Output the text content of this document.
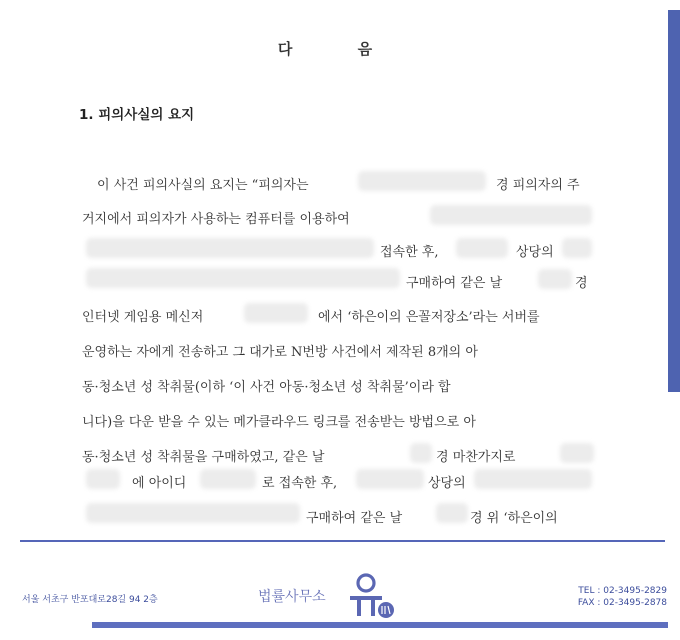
다 음
1. 피의사실의 요지
이 사건 피의사실의 요지는 “피의자는	경 피의자의 주
거지에서 피의자가 사용하는 컴퓨터를 이용하여
접속한 후,	상당의
구매하여 같은 날	경
인터넷 게임용 메신저	에서 ‘하은이의 은꼴저장소’라는 서버를
운영하는 자에게 전송하고 그 대가로 N번방 사건에서 제작된 8개의 아
동·청소년 성 착취물(이하 ‘이 사건 아동·청소년 성 착취물’이라 합
니다)을 다운 받을 수 있는 메가클라우드 링크를 전송받는 방법으로 아
동·청소년 성 착취물을 구매하였고, 같은 날	경 마찬가지로
에 아이디	로 접속한 후,	상당의
구매하여 같은 날	경 위 ‘하은이의
서울 서초구 반포대로28길 94 2층	법률사무소	TEL : 02-3495-2829
FAX : 02-3495-2878
